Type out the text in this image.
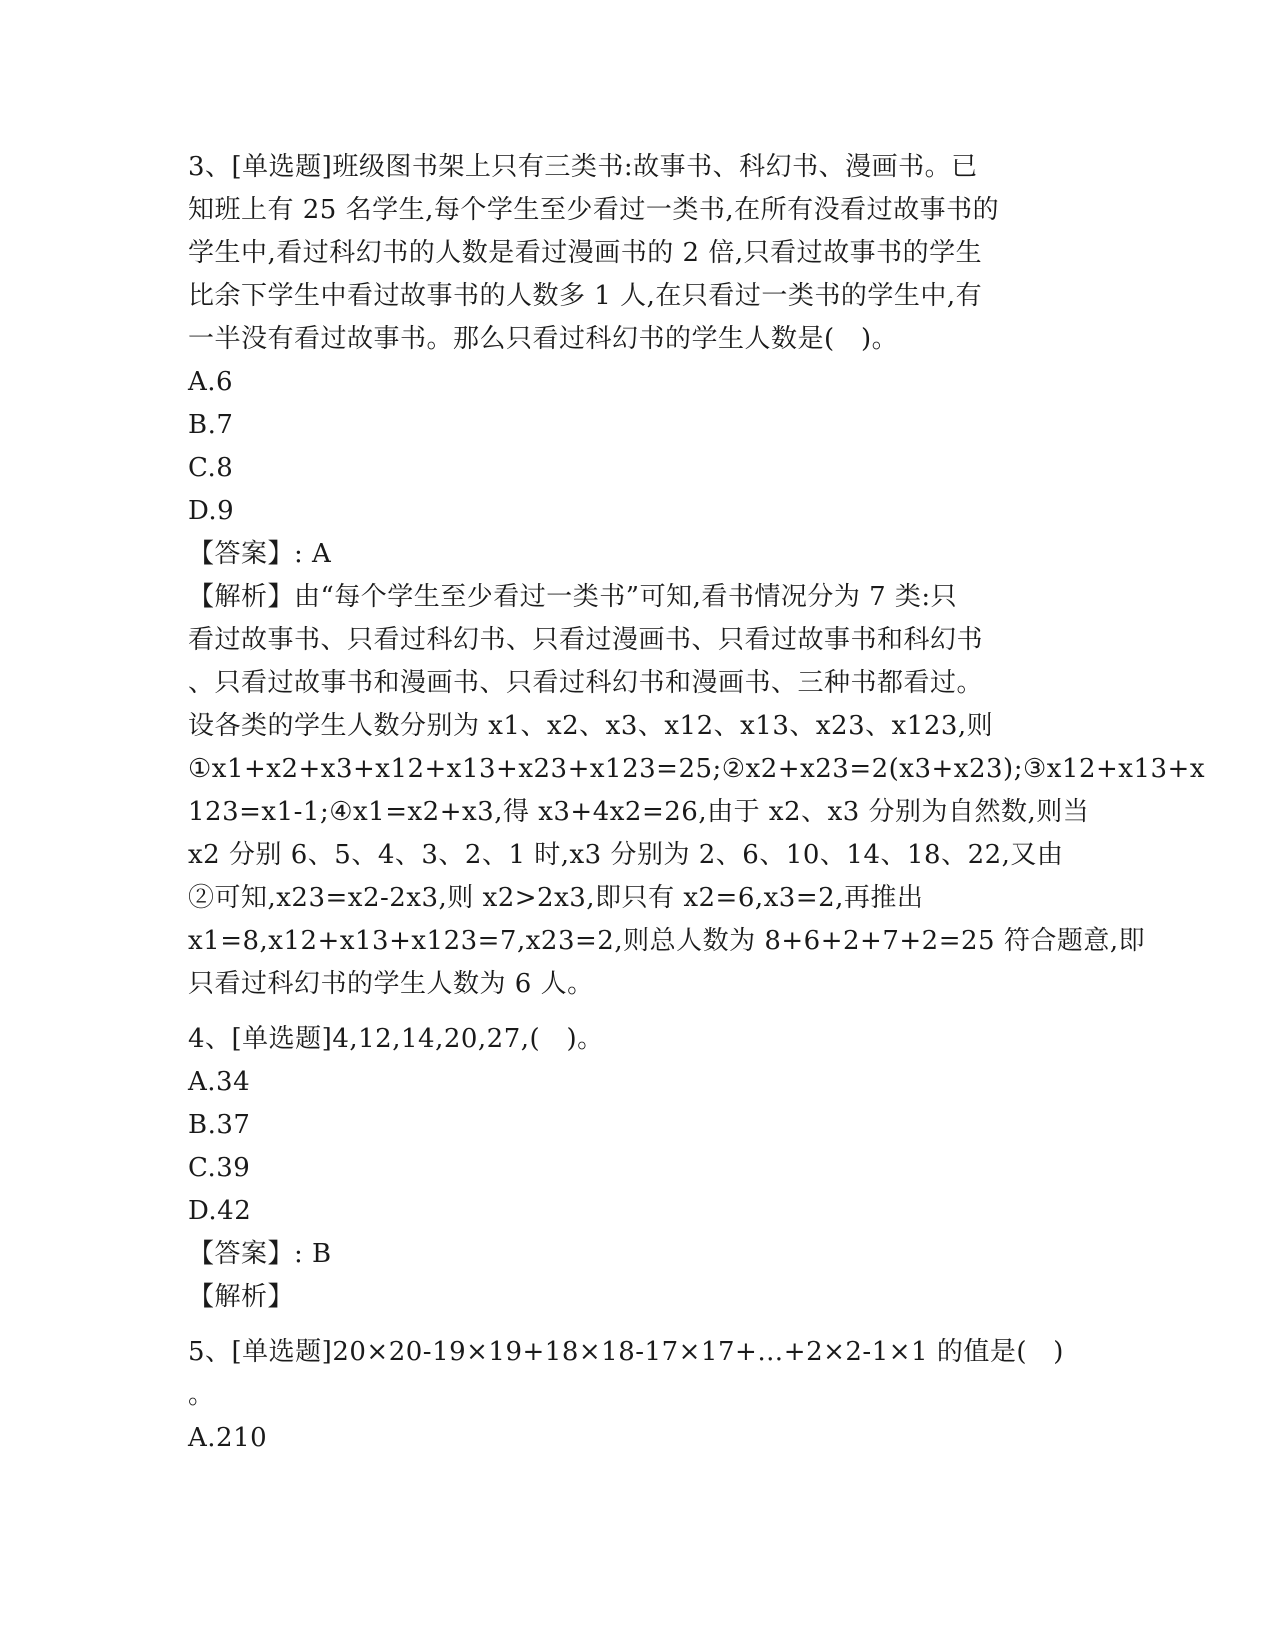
3、[单选题]班级图书架上只有三类书:故事书、科幻书、漫画书。已
知班上有 25 名学生,每个学生至少看过一类书,在所有没看过故事书的
学生中,看过科幻书的人数是看过漫画书的 2 倍,只看过故事书的学生
比余下学生中看过故事书的人数多 1 人,在只看过一类书的学生中,有
一半没有看过故事书。那么只看过科幻书的学生人数是(   )。
A.6
B.7
C.8
D.9
【答案】: A
【解析】由“每个学生至少看过一类书”可知,看书情况分为 7 类:只
看过故事书、只看过科幻书、只看过漫画书、只看过故事书和科幻书
、只看过故事书和漫画书、只看过科幻书和漫画书、三种书都看过。
设各类的学生人数分别为 x1、x2、x3、x12、x13、x23、x123,则
①x1+x2+x3+x12+x13+x23+x123=25;②x2+x23=2(x3+x23);③x12+x13+x
123=x1-1;④x1=x2+x3,得 x3+4x2=26,由于 x2、x3 分别为自然数,则当
x2 分别 6、5、4、3、2、1 时,x3 分别为 2、6、10、14、18、22,又由
②可知,x23=x2-2x3,则 x2>2x3,即只有 x2=6,x3=2,再推出
x1=8,x12+x13+x123=7,x23=2,则总人数为 8+6+2+7+2=25 符合题意,即
只看过科幻书的学生人数为 6 人。
4、[单选题]4,12,14,20,27,(   )。
A.34
B.37
C.39
D.42
【答案】: B
【解析】
5、[单选题]20×20-19×19+18×18-17×17+…+2×2-1×1 的值是(   )
。
A.210
